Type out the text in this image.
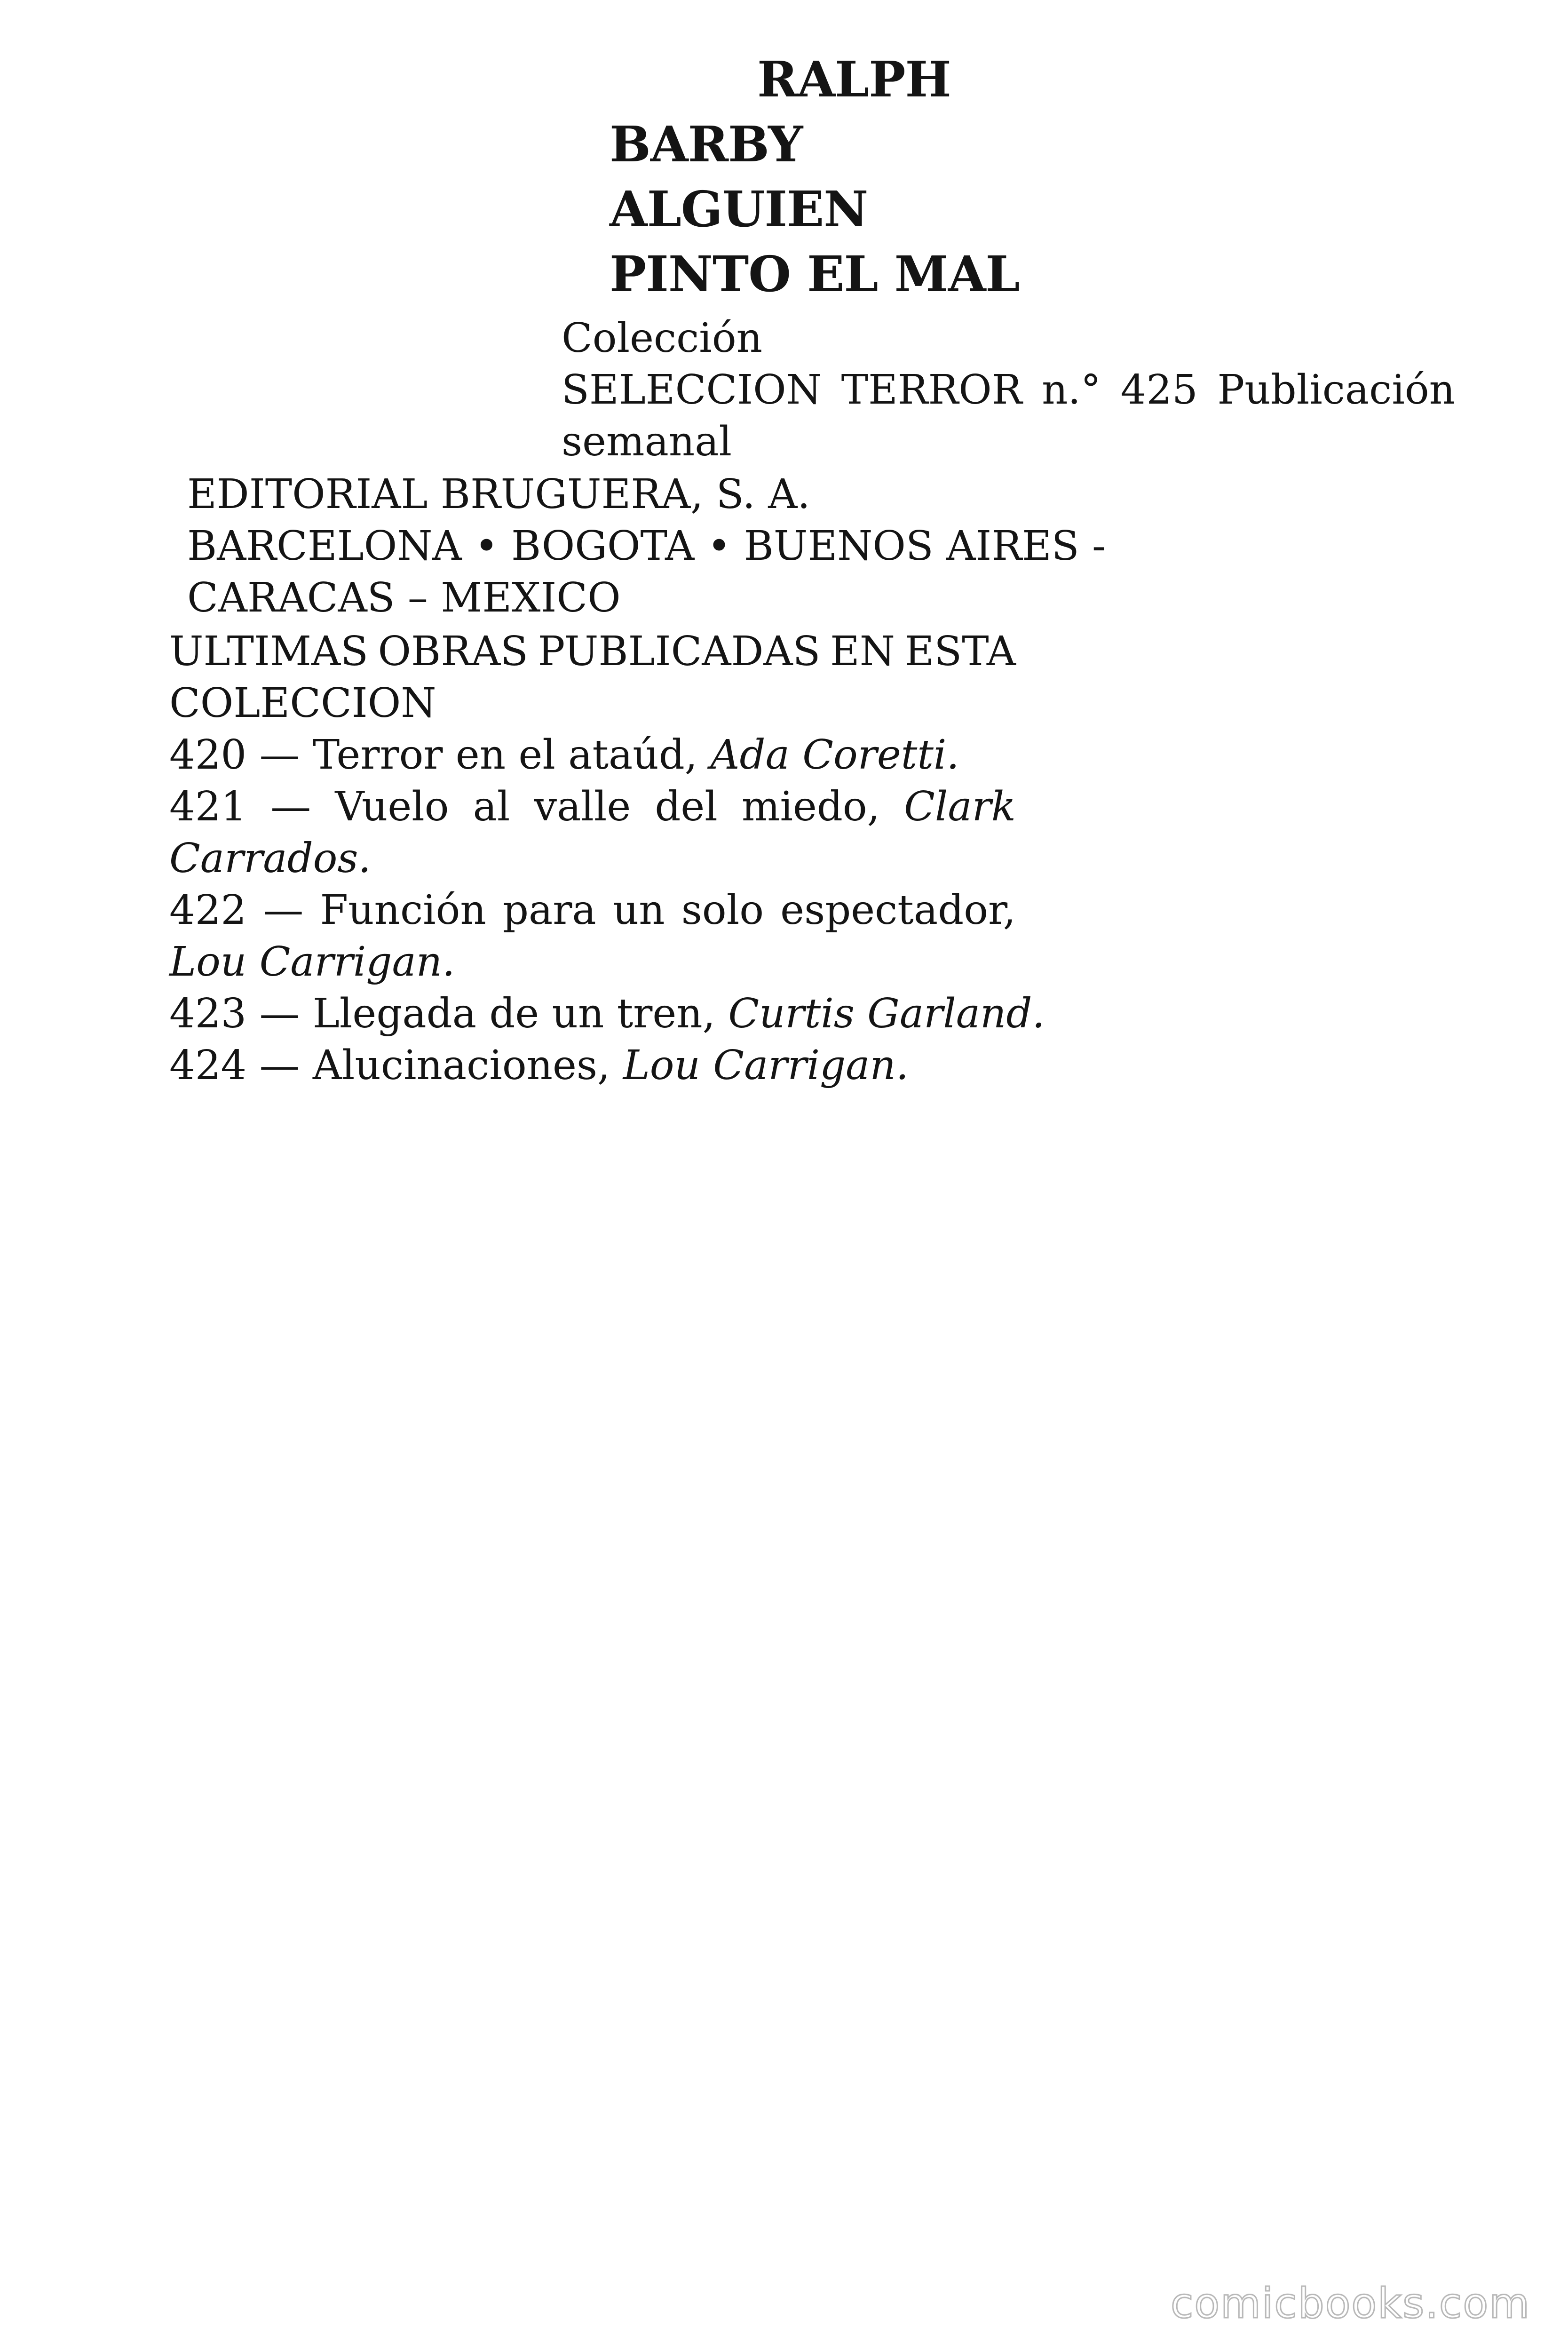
RALPH
BARBY
ALGUIEN
PINTO EL MAL
Colección
SELECCION TERROR n.° 425 Publicación
semanal
EDITORIAL BRUGUERA, S. A.
BARCELONA • BOGOTA • BUENOS AIRES -
CARACAS – MEXICO
ULTIMAS OBRAS PUBLICADAS EN ESTA
COLECCION
420 — Terror en el ataúd, Ada Coretti.
421 — Vuelo al valle del miedo, Clark
Carrados.
422 — Función para un solo espectador,
Lou Carrigan.
423 — Llegada de un tren, Curtis Garland.
424 — Alucinaciones, Lou Carrigan.
comicbooks.com
